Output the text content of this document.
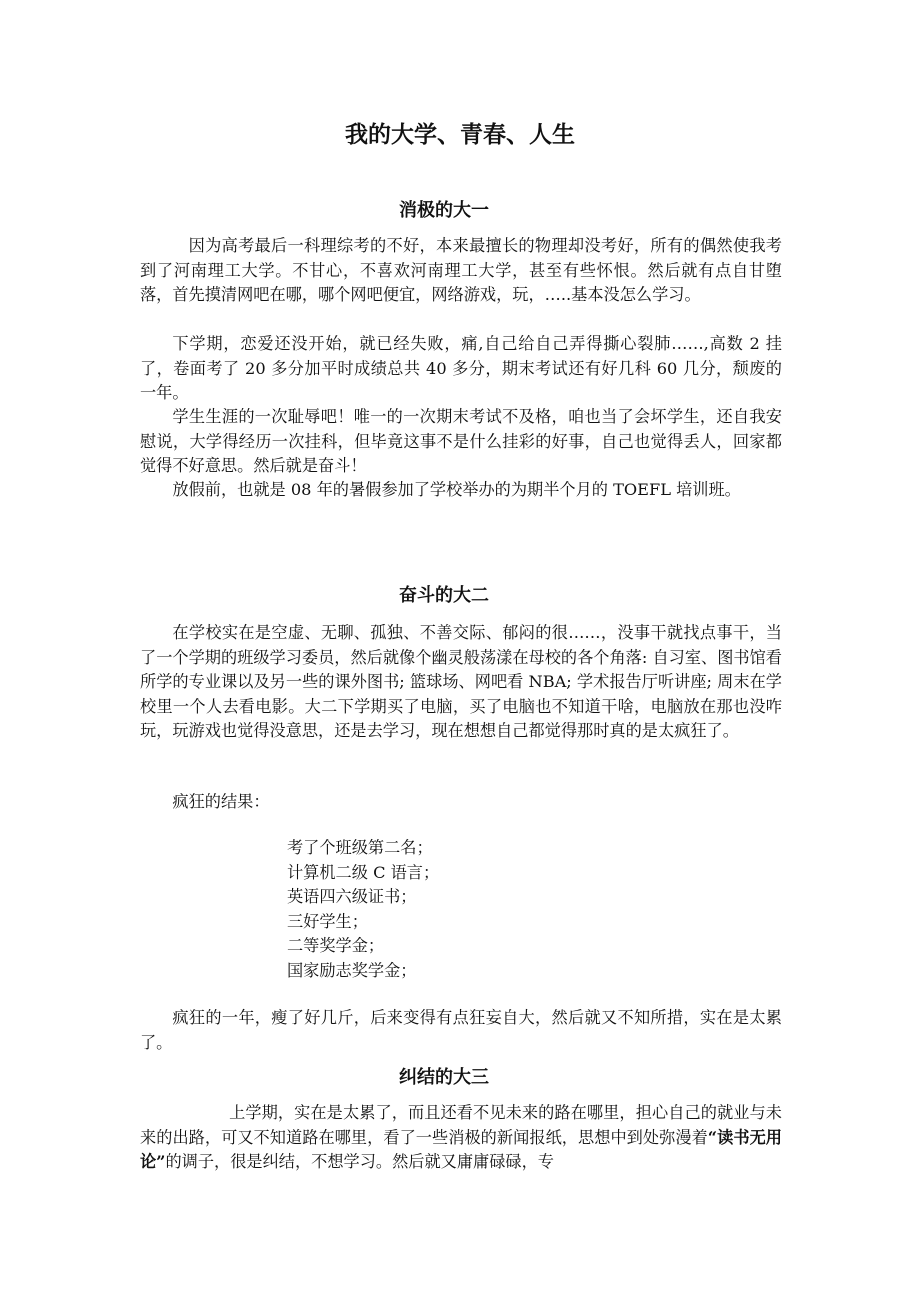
我的大学、青春、人生
消极的大一

因为高考最后一科理综考的不好，本来最擅长的物理却没考好，所有的偶然使我考到了河南理工大学。不甘心，不喜欢河南理工大学，甚至有些怀恨。然后就有点自甘堕落，首先摸清网吧在哪，哪个网吧便宜，网络游戏，玩，…..基本没怎么学习。

下学期，恋爱还没开始，就已经失败，痛,自己给自己弄得撕心裂肺……,高数 2 挂了，卷面考了 20 多分加平时成绩总共 40 多分，期末考试还有好几科 60 几分，颓废的一年。

学生生涯的一次耻辱吧！唯一的一次期末考试不及格，咱也当了会坏学生，还自我安慰说，大学得经历一次挂科，但毕竟这事不是什么挂彩的好事，自己也觉得丢人，回家都觉得不好意思。然后就是奋斗！

放假前，也就是 08 年的暑假参加了学校举办的为期半个月的 TOEFL 培训班。

奋斗的大二

在学校实在是空虚、无聊、孤独、不善交际、郁闷的很……，没事干就找点事干，当了一个学期的班级学习委员，然后就像个幽灵般荡漾在母校的各个角落: 自习室、图书馆看所学的专业课以及另一些的课外图书; 篮球场、网吧看 NBA; 学术报告厅听讲座; 周末在学校里一个人去看电影。大二下学期买了电脑，买了电脑也不知道干啥，电脑放在那也没咋玩，玩游戏也觉得没意思，还是去学习，现在想想自己都觉得那时真的是太疯狂了。

疯狂的结果：

考了个班级第二名；
计算机二级 C 语言；
英语四六级证书；
三好学生；
二等奖学金；
国家励志奖学金；

疯狂的一年，瘦了好几斤，后来变得有点狂妄自大，然后就又不知所措，实在是太累了。

纠结的大三

上学期，实在是太累了，而且还看不见未来的路在哪里，担心自己的就业与未来的出路，可又不知道路在哪里，看了一些消极的新闻报纸，思想中到处弥漫着“读书无用论”的调子，很是纠结，不想学习。然后就又庸庸碌碌，专
